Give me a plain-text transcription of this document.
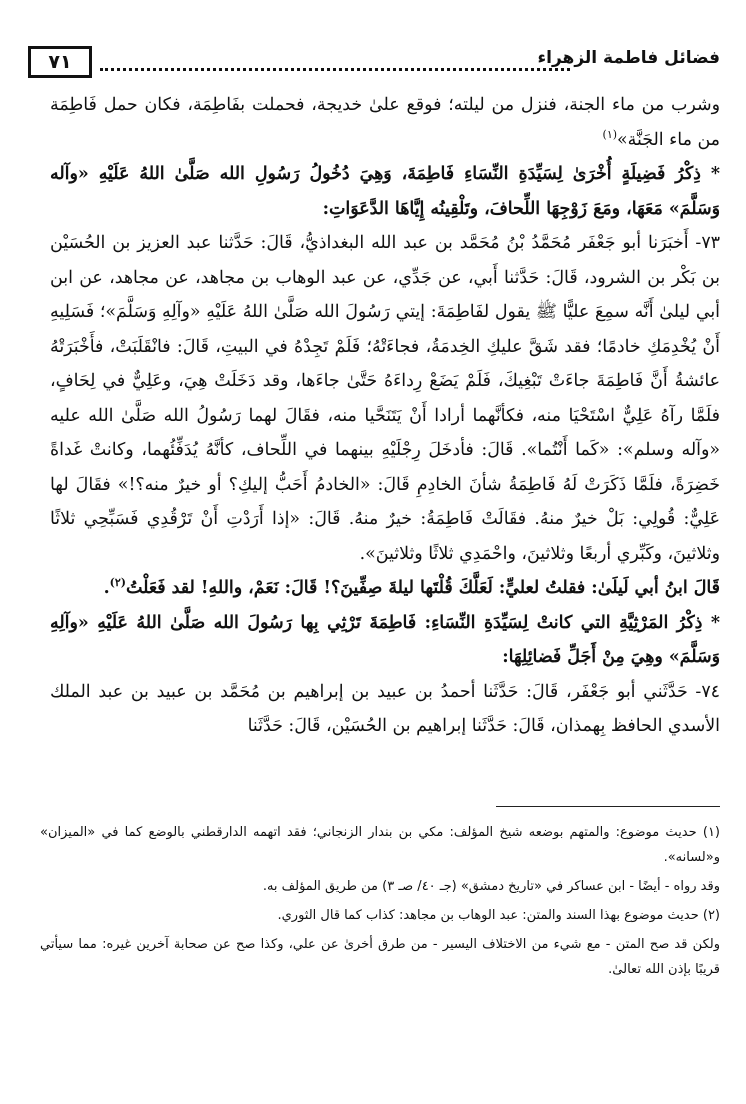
٧١	فضائل فاطمة الزهراء

وشرب من ماء الجنة، فنزل من ليلته؛ فوقع علىٰ خديجة، فحملت بفَاطِمَة، فكان حمل فَاطِمَة من ماء الجَنَّة»$^{(١)}$

* ذِكْرُ فَضِيلَةٍ أُخْرَىٰ لِسَيِّدَةِ النِّسَاءِ فَاطِمَةَ، وَهِيَ دُخُولُ رَسُولِ الله صَلَّىٰ اللهُ عَلَيْهِ «وآله وَسَلَّمَ» مَعَهَا، ومَعَ زَوْجِهَا اللِّحافَ، وتَلْقِينُه إِيَّاهَا الدَّعَوَاتِ:

٧٣- أَخبَرَنا أبو جَعْفَر مُحَمَّدُ بْنُ مُحَمَّد بن عبد الله البغداذيُّ، قَالَ: حَدَّثنا عبد العزيز بن الحُسَيْن بن بَكْر بن الشرود، قَالَ: حَدَّثنا أَبي، عن جَدِّي، عن عبد الوهاب بن مجاهد، عن مجاهد، عن ابن أبي ليلىٰ أَنَّه سمِعَ عليًّا ﷺ يقول لفَاطِمَةَ: إيتي رَسُولَ الله صَلَّىٰ اللهُ عَلَيْهِ «وآلِهِ وَسَلَّمَ»؛ فَسَلِيهِ أَنْ يُخْدِمَكِ خادمًا؛ فقد شَقَّ عليكِ الخِدمَةُ، فجاءَتْهُ؛ فَلَمْ تَجِدْهُ في البيتِ، قَالَ: فانْقَلَبَتْ، فأَخْبَرَتْهُ عائشةُ أَنَّ فَاطِمَةَ جاءَتْ تَبْغِيكَ، فَلَمْ يَضَعْ رِداءَهُ حَتَّىٰ جاءَها، وقد دَخَلَتْ هِيَ، وعَلِيٌّ في لِحَافٍ، فلَمَّا رآهُ عَلِيٌّ اسْتَحْيَا منه، فكأنَّهما أرادا أَنْ يَتَنَحَّيا منه، فقَالَ لهما رَسُولُ الله صَلَّىٰ الله عليه «وآله وسلم»: «كَما أَنْتُما». قَالَ: فأدخَلَ رِجْلَيْهِ بينهما في اللِّحاف، كأنَّهُ يُدَفِّئُهما، وكانتْ غَداةً خَضِرَةً، فلَمَّا ذَكَرَتْ لَهُ فَاطِمَةُ شأنَ الخادِمِ قَالَ: «الخادمُ أَحَبُّ إليكِ؟ أو خيرٌ منه؟!» فقَالَ لها عَلِيٌّ: قُولِي: بَلْ خيرٌ منهُ. فقَالَتْ فَاطِمَةُ: خيرٌ منهُ. قَالَ: «إذا أَرَدْتِ أَنْ تَرْقُدِي فَسَبِّحِي ثلاثًا وثلاثينَ، وكَبِّري أربعًا وثلاثينَ، واحْمَدِي ثلاثًا وثلاثينَ».

قَالَ ابنُ أبي لَيلَىٰ: فقلتُ لعليٍّ: لَعَلَّكَ قُلْتَها ليلةَ صِفِّينَ؟! قَالَ: نَعَمْ، واللهِ! لقد فَعَلْتُ$^{(٢)}$.

* ذِكْرُ المَرْثِيَّةِ التي كانتْ لِسَيِّدَةِ النِّسَاءِ: فَاطِمَةَ تَرْثِي بِها رَسُولَ الله صَلَّىٰ اللهُ عَلَيْهِ «وآلِهِ وَسَلَّمَ» وهِيَ مِنْ أَجَلِّ فَضائِلِهَا:

٧٤- حَدَّثَني أبو جَعْفَر، قَالَ: حَدَّثَنا أحمدُ بن عبيد بن إبراهيم بن مُحَمَّد بن عبيد بن عبد الملك الأسدي الحافظ بِهمذان، قَالَ: حَدَّثَنا إبراهيم بن الحُسَيْن، قَالَ: حَدَّثَنا

(١) حديث موضوع: والمتهم بوضعه شيخ المؤلف: مكي بن بندار الزنجاني؛ فقد اتهمه الدارقطني بالوضع كما في «الميزان» و«لسانه».

وقد رواه - أيضًا - ابن عساكر في «تاريخ دمشق» (جـ ٤٠/ صـ ٣) من طريق المؤلف به.

(٢) حديث موضوع بهذا السند والمتن: عبد الوهاب بن مجاهد: كذاب كما قال الثوري.

ولكن قد صح المتن - مع شيء من الاختلاف اليسير - من طرق أخرىٰ عن علي، وكذا صح عن صحابة آخرين غيره: مما سيأتي قريبًا بإذن الله تعالىٰ.
